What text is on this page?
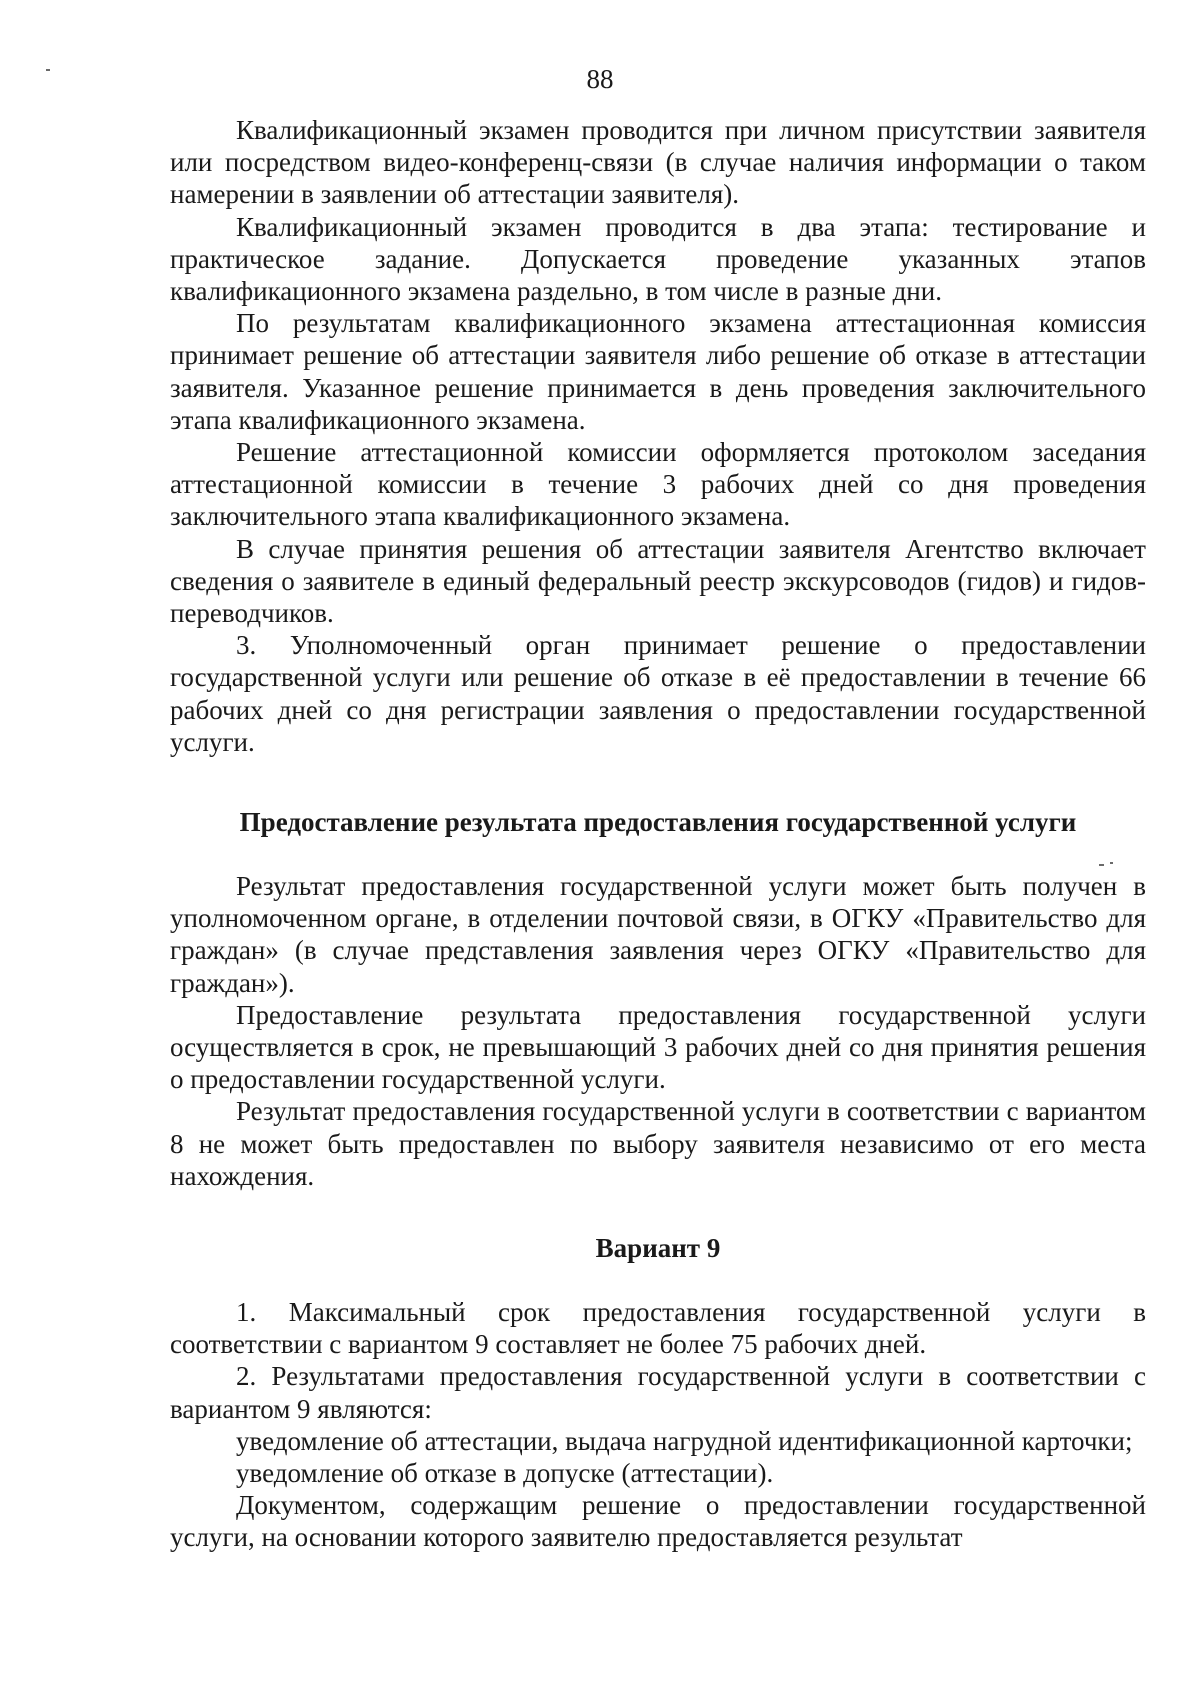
88

Квалификационный экзамен проводится при личном присутствии заявителя или посредством видео-конференц-связи (в случае наличия информации о таком намерении в заявлении об аттестации заявителя).

Квалификационный экзамен проводится в два этапа: тестирование и практическое задание. Допускается проведение указанных этапов квалификационного экзамена раздельно, в том числе в разные дни.

По результатам квалификационного экзамена аттестационная комиссия принимает решение об аттестации заявителя либо решение об отказе в аттестации заявителя. Указанное решение принимается в день проведения заключительного этапа квалификационного экзамена.

Решение аттестационной комиссии оформляется протоколом заседания аттестационной комиссии в течение 3 рабочих дней со дня проведения заключительного этапа квалификационного экзамена.

В случае принятия решения об аттестации заявителя Агентство включает сведения о заявителе в единый федеральный реестр экскурсоводов (гидов) и гидов-переводчиков.

3. Уполномоченный орган принимает решение о предоставлении государственной услуги или решение об отказе в её предоставлении в течение 66 рабочих дней со дня регистрации заявления о предоставлении государственной услуги.

Предоставление результата предоставления государственной услуги

Результат предоставления государственной услуги может быть получен в уполномоченном органе, в отделении почтовой связи, в ОГКУ «Правительство для граждан» (в случае представления заявления через ОГКУ «Правительство для граждан»).

Предоставление результата предоставления государственной услуги осуществляется в срок, не превышающий 3 рабочих дней со дня принятия решения о предоставлении государственной услуги.

Результат предоставления государственной услуги в соответствии с вариантом 8 не может быть предоставлен по выбору заявителя независимо от его места нахождения.

Вариант 9

1. Максимальный срок предоставления государственной услуги в соответствии с вариантом 9 составляет не более 75 рабочих дней.

2. Результатами предоставления государственной услуги в соответствии с вариантом 9 являются:

уведомление об аттестации, выдача нагрудной идентификационной карточки;

уведомление об отказе в допуске (аттестации).

Документом, содержащим решение о предоставлении государственной услуги, на основании которого заявителю предоставляется результат
